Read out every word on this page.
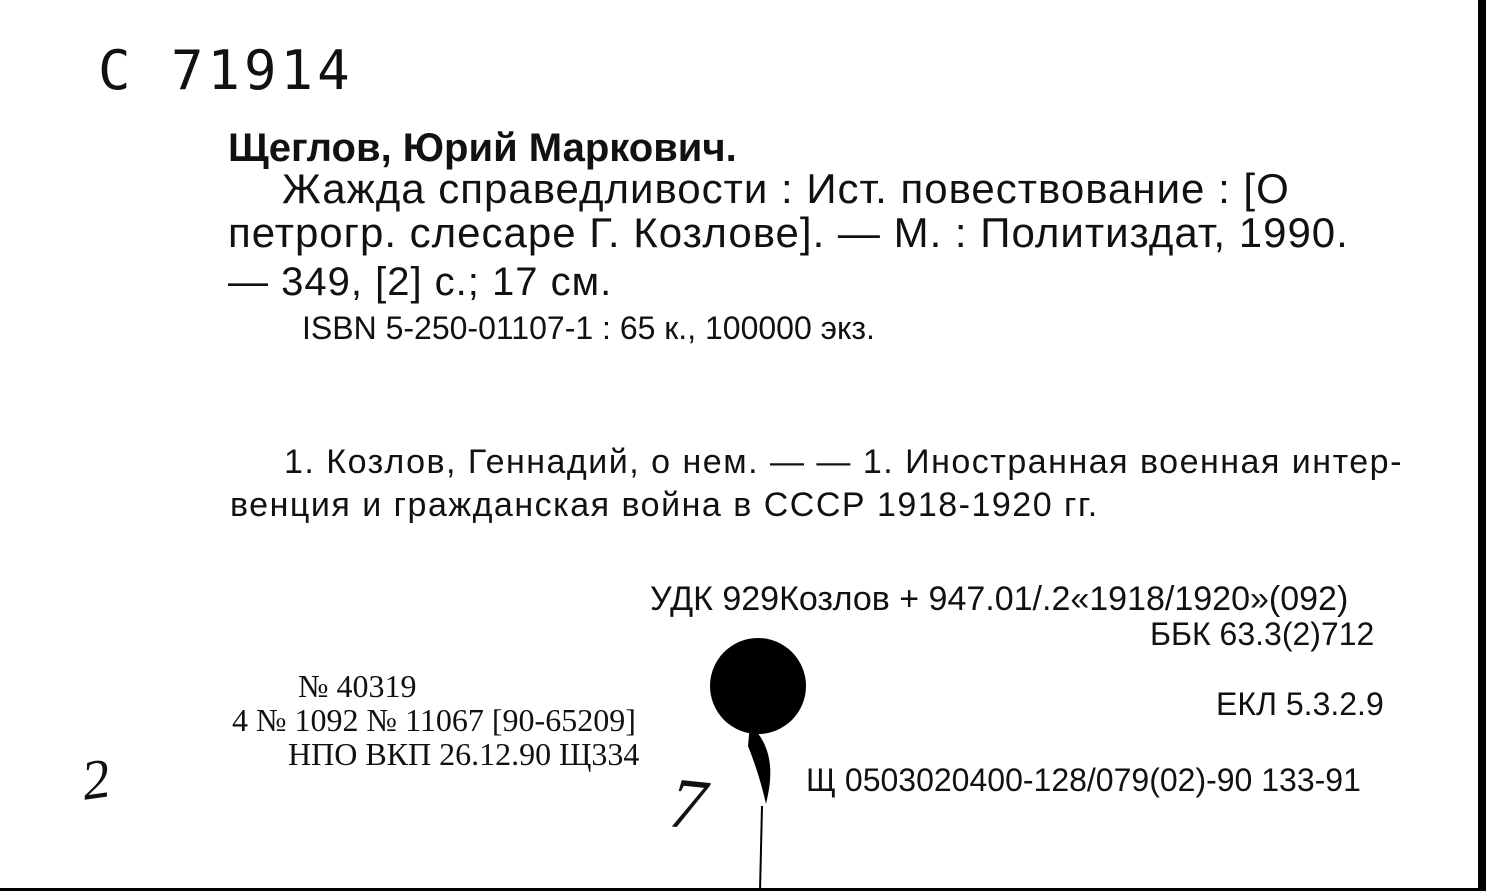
С 71914
Щеглов, Юрий Маркович.
Жажда справедливости : Ист. повествование : [О
петрогр. слесаре Г. Козлове]. — М. : Политиздат, 1990.
— 349, [2] с.; 17 см.
ISBN 5-250-01107-1 : 65 к., 100000 экз.
1. Козлов, Геннадий, о нем. — — 1. Иностранная военная интер-
венция и гражданская война в СССР 1918-1920 гг.
УДК 929Козлов + 947.01/.2«1918/1920»(092)
ББК 63.3(2)712
ЕКЛ 5.3.2.9
Щ 0503020400-128/079(02)-90 133-91
№ 40319
4 № 1092 № 11067 [90-65209]
НПО ВКП 26.12.90 Щ334
2	7
